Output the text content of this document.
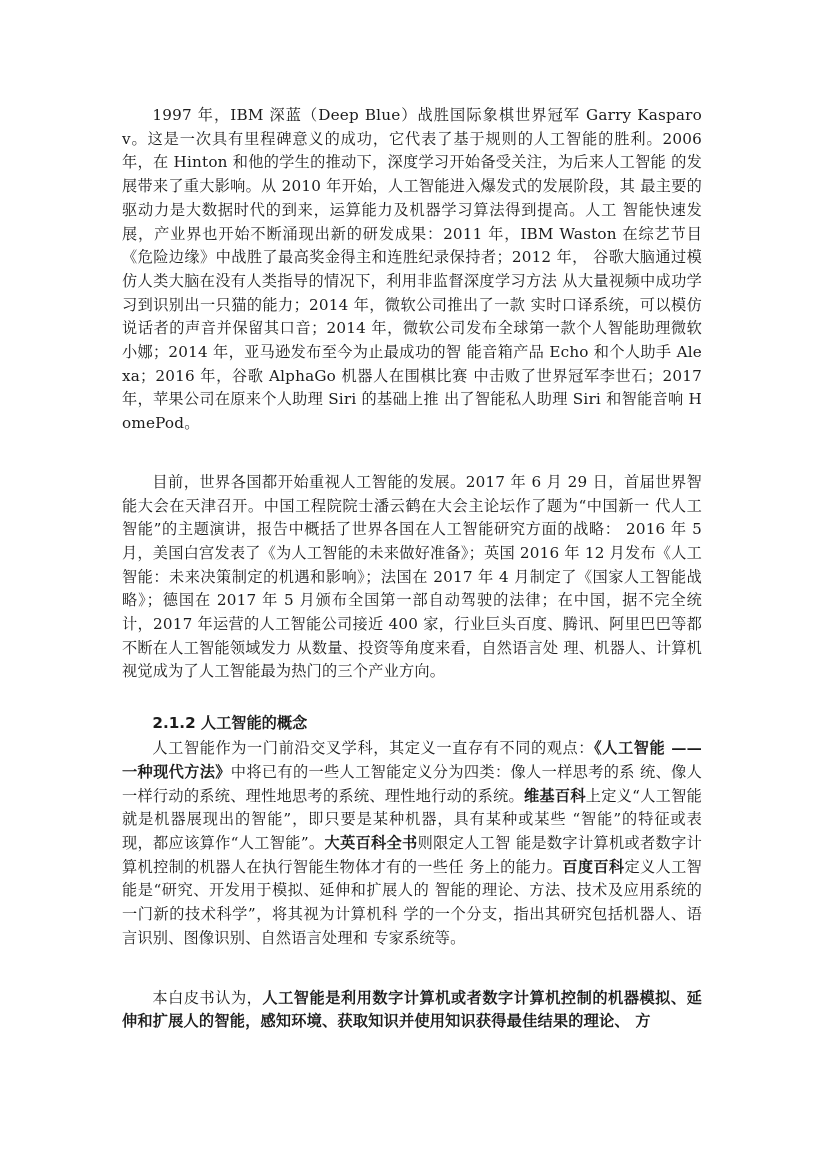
1997 年，IBM 深蓝（Deep Blue）战胜国际象棋世界冠军 Garry Kasparov。这是一次具有里程碑意义的成功，它代表了基于规则的人工智能的胜利。2006 年，在 Hinton 和他的学生的推动下，深度学习开始备受关注，为后来人工智能 的发展带来了重大影响。从 2010 年开始，人工智能进入爆发式的发展阶段，其 最主要的驱动力是大数据时代的到来，运算能力及机器学习算法得到提高。人工 智能快速发展，产业界也开始不断涌现出新的研发成果：2011 年，IBM Waston 在综艺节目《危险边缘》中战胜了最高奖金得主和连胜纪录保持者；2012 年， 谷歌大脑通过模仿人类大脑在没有人类指导的情况下，利用非监督深度学习方法 从大量视频中成功学习到识别出一只猫的能力；2014 年，微软公司推出了一款 实时口译系统，可以模仿说话者的声音并保留其口音；2014 年，微软公司发布全球第一款个人智能助理微软小娜；2014 年，亚马逊发布至今为止最成功的智 能音箱产品 Echo 和个人助手 Alexa；2016 年，谷歌 AlphaGo 机器人在围棋比赛 中击败了世界冠军李世石；2017 年，苹果公司在原来个人助理 Siri 的基础上推 出了智能私人助理 Siri 和智能音响 HomePod。

目前，世界各国都开始重视人工智能的发展。2017 年 6 月 29 日，首届世界智能大会在天津召开。中国工程院院士潘云鹤在大会主论坛作了题为“中国新一 代人工智能”的主题演讲，报告中概括了世界各国在人工智能研究方面的战略： 2016 年 5 月，美国白宫发表了《为人工智能的未来做好准备》；英国 2016 年 12 月发布《人工智能：未来决策制定的机遇和影响》；法国在 2017 年 4 月制定了《国家人工智能战略》；德国在 2017 年 5 月颁布全国第一部自动驾驶的法律；在中国，据不完全统计，2017 年运营的人工智能公司接近 400 家，行业巨头百度、腾讯、阿里巴巴等都不断在人工智能领域发力 从数量、投资等角度来看，自然语言处 理、机器人、计算机视觉成为了人工智能最为热门的三个产业方向。

2.1.2 人工智能的概念

人工智能作为一门前沿交叉学科，其定义一直存有不同的观点：《人工智能 ——一种现代方法》中将已有的一些人工智能定义分为四类：像人一样思考的系 统、像人一样行动的系统、理性地思考的系统、理性地行动的系统。维基百科上定义“人工智能就是机器展现出的智能”，即只要是某种机器，具有某种或某些 “智能”的特征或表现，都应该算作“人工智能”。大英百科全书则限定人工智 能是数字计算机或者数字计算机控制的机器人在执行智能生物体才有的一些任 务上的能力。百度百科定义人工智能是“研究、开发用于模拟、延伸和扩展人的 智能的理论、方法、技术及应用系统的一门新的技术科学”，将其视为计算机科 学的一个分支，指出其研究包括机器人、语言识别、图像识别、自然语言处理和 专家系统等。

本白皮书认为，人工智能是利用数字计算机或者数字计算机控制的机器模拟、延伸和扩展人的智能，感知环境、获取知识并使用知识获得最佳结果的理论、 方
